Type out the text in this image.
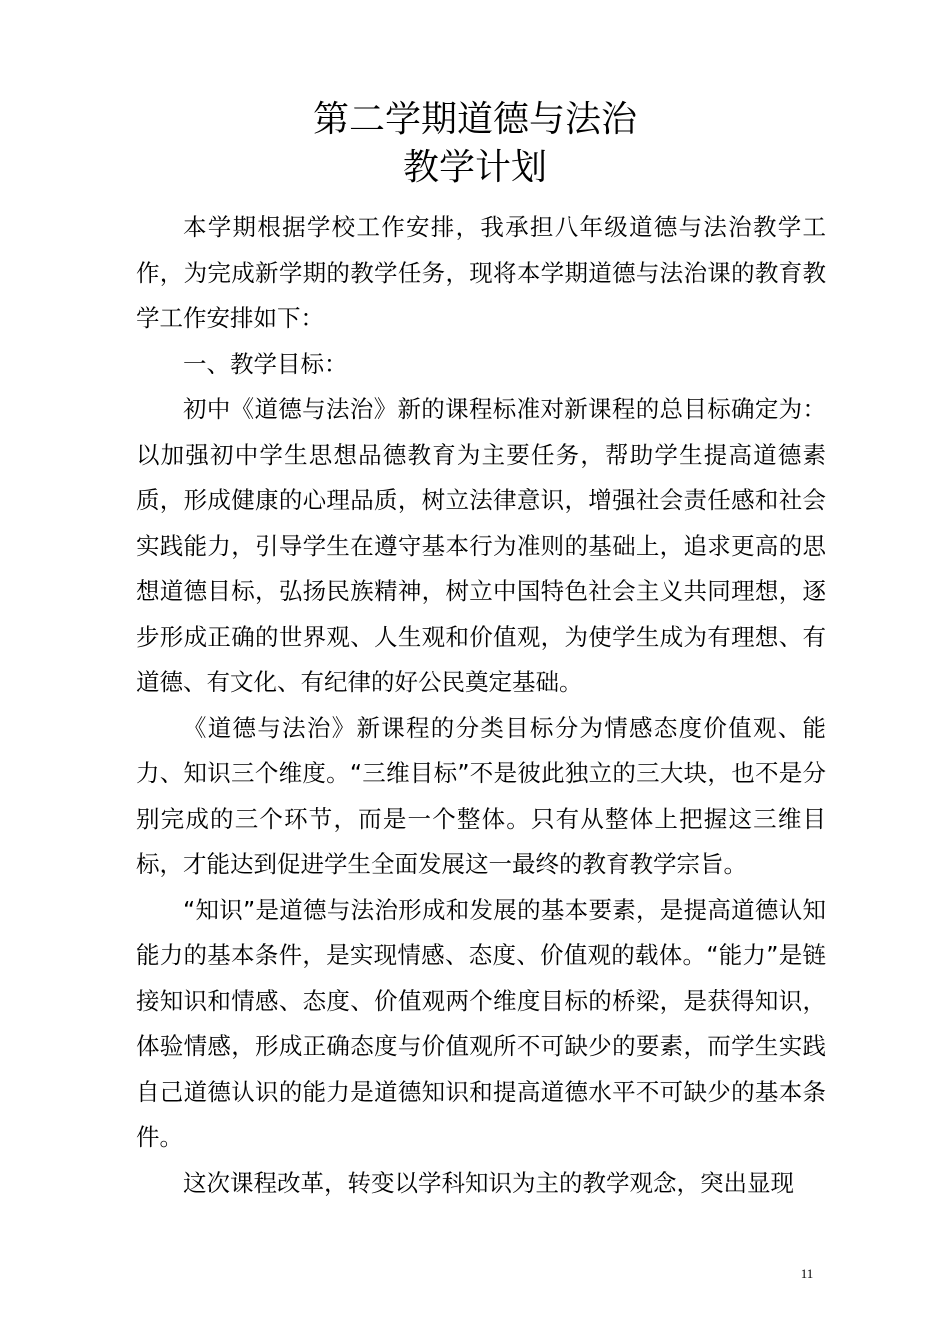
第二学期道德与法治
教学计划

本学期根据学校工作安排，我承担八年级道德与法治教学工作，为完成新学期的教学任务，现将本学期道德与法治课的教育教学工作安排如下：

一、教学目标：

初中《道德与法治》新的课程标准对新课程的总目标确定为：以加强初中学生思想品德教育为主要任务，帮助学生提高道德素质，形成健康的心理品质，树立法律意识，增强社会责任感和社会实践能力，引导学生在遵守基本行为准则的基础上，追求更高的思想道德目标，弘扬民族精神，树立中国特色社会主义共同理想，逐步形成正确的世界观、人生观和价值观，为使学生成为有理想、有道德、有文化、有纪律的好公民奠定基础。

《道德与法治》新课程的分类目标分为情感态度价值观、能力、知识三个维度。“三维目标”不是彼此独立的三大块，也不是分别完成的三个环节，而是一个整体。只有从整体上把握这三维目标，才能达到促进学生全面发展这一最终的教育教学宗旨。

“知识”是道德与法治形成和发展的基本要素，是提高道德认知能力的基本条件，是实现情感、态度、价值观的载体。“能力”是链接知识和情感、态度、价值观两个维度目标的桥梁，是获得知识，体验情感，形成正确态度与价值观所不可缺少的要素，而学生实践自己道德认识的能力是道德知识和提高道德水平不可缺少的基本条件。

这次课程改革，转变以学科知识为主的教学观念，突出显现

11
